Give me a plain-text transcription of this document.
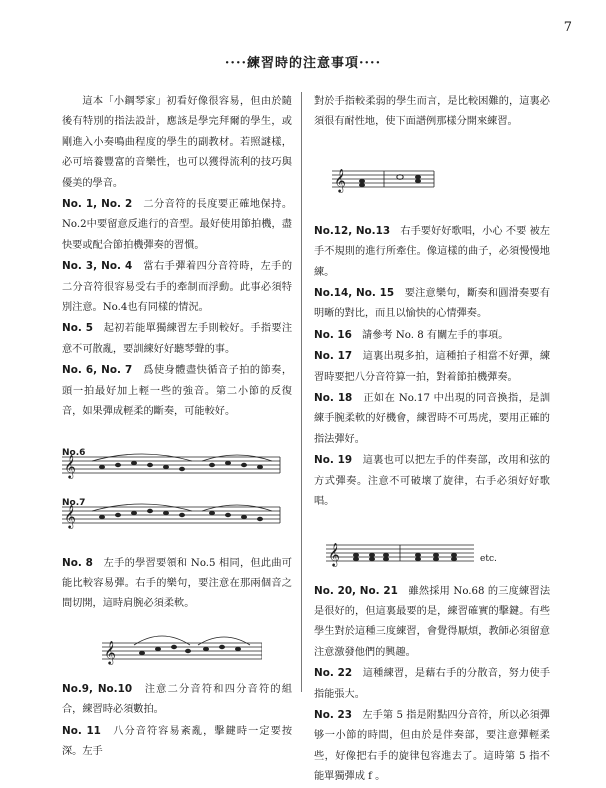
7
····練習時的注意事項····

這本「小鋼琴家」初看好像很容易，但由於隨後有特別的指法設計，應該是學完拜爾的學生，或剛進入小奏鳴曲程度的學生的副教材。若照謎樣，必可培養豐富的音樂性，也可以獲得流利的技巧與優美的學音。

No. 1, No. 2　 二分音符的長度要正確地保持。No.2中要留意反進行的音型。最好使用節拍機，盡快要或配合節拍機彈奏的習慣。

No. 3, No. 4　 當右手彈着四分音符時，左手的二分音符很容易受右手的牽制而浮動。此事必須特別注意。No.4也有同樣的情況。

No. 5　 起初若能單獨練習左手則較好。手指要注意不可散亂，要訓練好好聽琴聲的事。

No. 6, No. 7　 爲使身體盡快循音子拍的節奏，頭一拍最好加上輕一些的強音。第二小節的反復音，如果彈成輕柔的斷奏，可能較好。

No.6
No.7
𝄞
𝄞

No. 8　 左手的學習要領和 No.5 相同，但此曲可能比較容易彈。右手的樂句，要注意在那兩個音之間切開，這時肩腕必須柔軟。

𝄞

No.9, No.10　 注意二分音符和四分音符的組合，練習時必須數拍。

No. 11　 八分音符容易紊亂，擊鍵時一定要按深。左手

對於手指較柔弱的學生而言，是比較困難的，這裏必須很有耐性地，使下面譜例那樣分開來練習。

𝄞

No.12, No.13　 右手要好好歌唱，小心 不要 被左手不規則的進行所牽住。像這樣的曲子，必須慢慢地練。

No.14, No. 15　 要注意樂句，斷奏和圓滑奏要有明晰的對比，而且以愉快的心情彈奏。

No. 16　 請參考 No. 8 有關左手的事項。

No. 17　 這裏出現多拍，這種拍子相當不好彈，練習時要把八分音符算一拍，對着節拍機彈奏。

No. 18　 正如在 No.17 中出現的同音換指，是訓練手腕柔軟的好機會，練習時不可馬虎，要用正確的指法彈好。

No. 19　 這裏也可以把左手的伴奏部，改用和弦的方式彈奏。注意不可破壞了旋律，右手必須好好歌唱。

𝄞	etc.

No. 20, No. 21　 雖然採用 No.68 的三度練習法是很好的，但這裏最要的是，練習確實的擊鍵。有些學生對於這種三度練習，會覺得厭煩，教師必須留意注意激發他們的興趣。

No. 22　 這種練習，是藉右手的分散音，努力使手指能張大。

No. 23　 左手第 5 指是附點四分音符，所以必須彈够一小節的時間，但由於是伴奏部，要注意彈輕柔些，好像把右手的旋律包容進去了。這時第 5 指不能單獨彈成 f 。
